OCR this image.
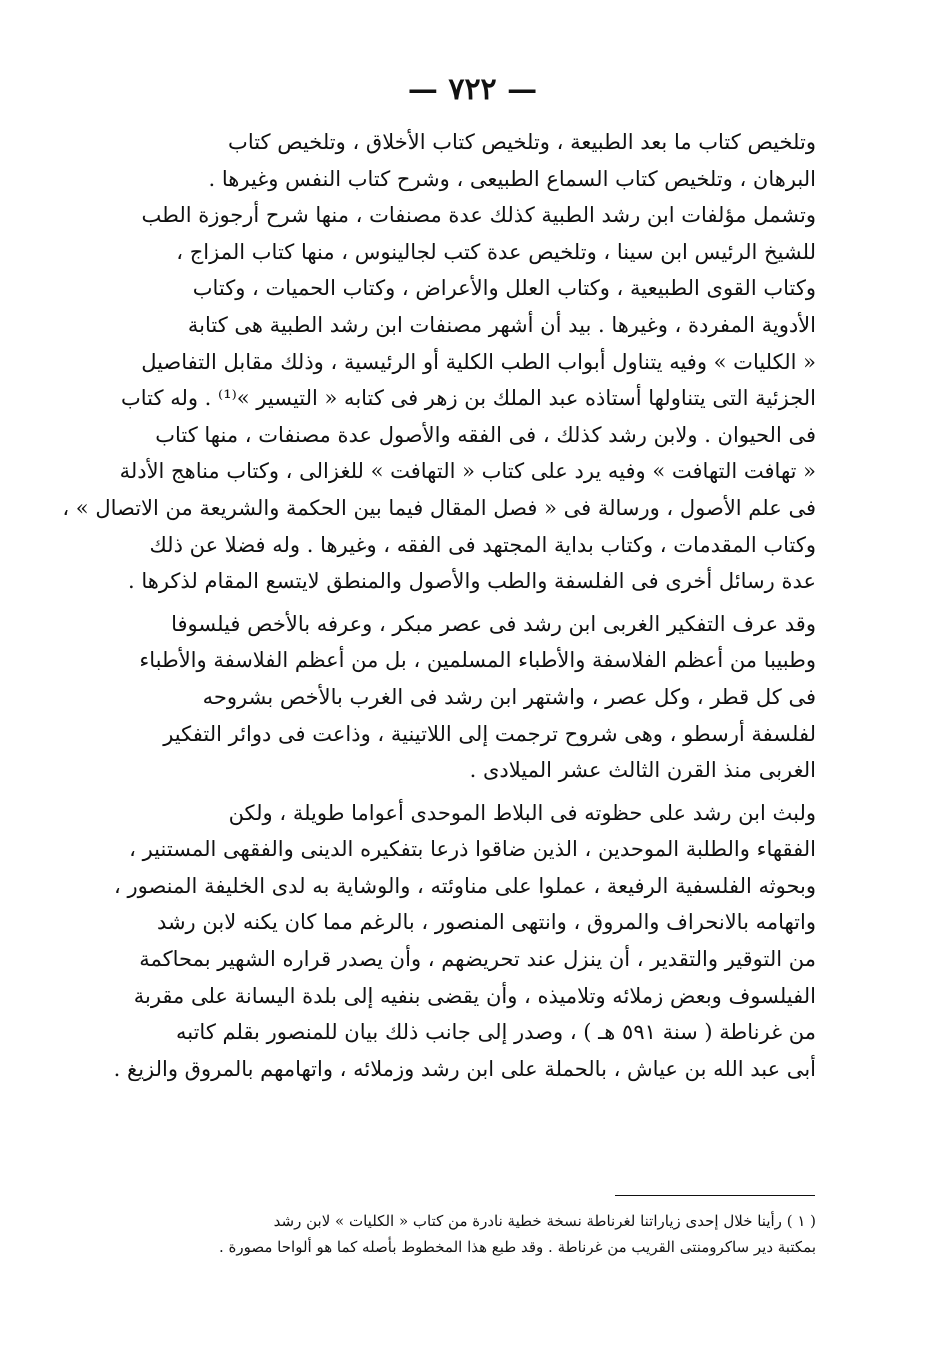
— ٧٢٢ —
وتلخيص كتاب ما بعد الطبيعة ، وتلخيص كتاب الأخلاق ، وتلخيص كتاب
البرهان ، وتلخيص كتاب السماع الطبيعى ، وشرح كتاب النفس وغيرها .
وتشمل مؤلفات ابن رشد الطبية كذلك عدة مصنفات ، منها شرح أرجوزة الطب
للشيخ الرئيس ابن سينا ، وتلخيص عدة كتب لجالينوس ، منها كتاب المزاج ،
وكتاب القوى الطبيعية ، وكتاب العلل والأعراض ، وكتاب الحميات ، وكتاب
الأدوية المفردة ، وغيرها . بيد أن أشهر مصنفات ابن رشد الطبية هى كتابة
« الكليات » وفيه يتناول أبواب الطب الكلية أو الرئيسية ، وذلك مقابل التفاصيل
الجزئية التى يتناولها أستاذه عبد الملك بن زهر فى كتابه « التيسير »⁽¹⁾ . وله كتاب
فى الحيوان . ولابن رشد كذلك ، فى الفقه والأصول عدة مصنفات ، منها كتاب
« تهافت التهافت » وفيه يرد على كتاب « التهافت » للغزالى ، وكتاب مناهج الأدلة
فى علم الأصول ، ورسالة فى « فصل المقال فيما بين الحكمة والشريعة من الاتصال » ،
وكتاب المقدمات ، وكتاب بداية المجتهد فى الفقه ، وغيرها . وله فضلا عن ذلك
عدة رسائل أخرى فى الفلسفة والطب والأصول والمنطق لايتسع المقام لذكرها .
وقد عرف التفكير الغربى ابن رشد فى عصر مبكر ، وعرفه بالأخص فيلسوفا
وطبيبا من أعظم الفلاسفة والأطباء المسلمين ، بل من أعظم الفلاسفة والأطباء
فى كل قطر ، وكل عصر ، واشتهر ابن رشد فى الغرب بالأخص بشروحه
لفلسفة أرسطو ، وهى شروح ترجمت إلى اللاتينية ، وذاعت فى دوائر التفكير
الغربى منذ القرن الثالث عشر الميلادى .
ولبث ابن رشد على حظوته فى البلاط الموحدى أعواما طويلة ، ولكن
الفقهاء والطلبة الموحدين ، الذين ضاقوا ذرعا بتفكيره الدينى والفقهى المستنير ،
وبحوثه الفلسفية الرفيعة ، عملوا على مناوئته ، والوشاية به لدى الخليفة المنصور ،
واتهامه بالانحراف والمروق ، وانتهى المنصور ، بالرغم مما كان يكنه لابن رشد
من التوقير والتقدير ، أن ينزل عند تحريضهم ، وأن يصدر قراره الشهير بمحاكمة
الفيلسوف وبعض زملائه وتلاميذه ، وأن يقضى بنفيه إلى بلدة اليسانة على مقربة
من غرناطة ( سنة ٥٩١ هـ ) ، وصدر إلى جانب ذلك بيان للمنصور بقلم كاتبه
أبى عبد الله بن عياش ، بالحملة على ابن رشد وزملائه ، واتهامهم بالمروق والزيغ .
( ١ ) رأينا خلال إحدى زياراتنا لغرناطة نسخة خطية نادرة من كتاب « الكليات » لابن رشد
بمكتبة دير ساكرومنتى القريب من غرناطة . وقد طبع هذا المخطوط بأصله كما هو ألواحا مصورة .
